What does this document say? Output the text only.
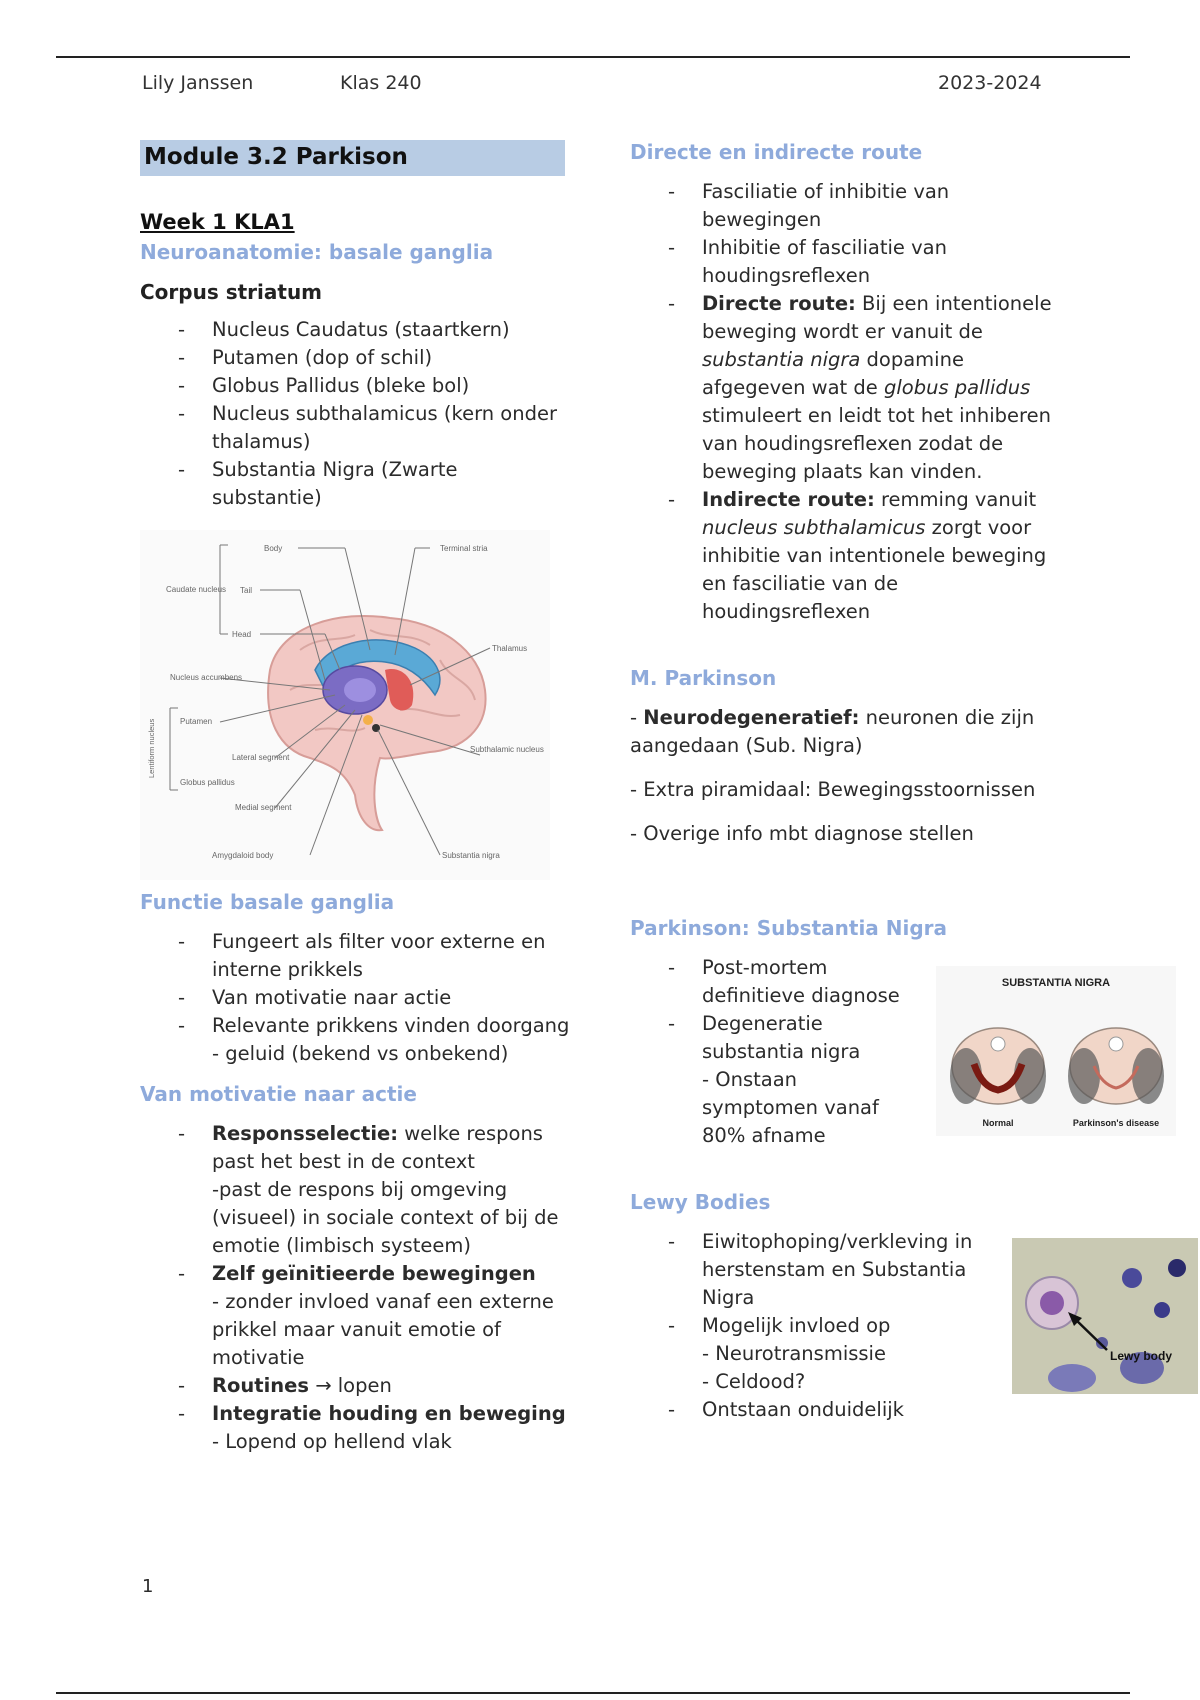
Lily Janssen	Klas 240	2023-2024
Module 3.2 Parkison
Week 1 KLA1
Neuroanatomie: basale ganglia
Corpus striatum
- Nucleus Caudatus (staartkern)
- Putamen (dop of schil)
- Globus Pallidus (bleke bol)
- Nucleus subthalamicus (kern onder thalamus)
- Substantia Nigra (Zwarte substantie)
Body
Tail
Head
Caudate nucleus
Nucleus accumbens
Putamen
Globus pallidus
Lateral segment
Medial segment
Amygdaloid body
Terminal stria
Thalamus
Subthalamic nucleus
Substantia nigra
Lentiform nucleus
Functie basale ganglia
- Fungeert als filter voor externe en interne prikkels
- Van motivatie naar actie
- Relevante prikkens vinden doorgang
- geluid (bekend vs onbekend)
Van motivatie naar actie
- Responsselectie: welke respons past het best in de context
-past de respons bij omgeving (visueel) in sociale context of bij de emotie (limbisch systeem)
- Zelf geïnitieerde bewegingen
- zonder invloed vanaf een externe prikkel maar vanuit emotie of motivatie
- Routines → lopen
- Integratie houding en beweging
- Lopend op hellend vlak
Directe en indirecte route
- Fasciliatie of inhibitie van bewegingen
- Inhibitie of fasciliatie van houdingsreflexen
- Directe route: Bij een intentionele beweging wordt er vanuit de substantia nigra dopamine afgegeven wat de globus pallidus stimuleert en leidt tot het inhiberen van houdingsreflexen zodat de beweging plaats kan vinden.
- Indirecte route: remming vanuit nucleus subthalamicus zorgt voor inhibitie van intentionele beweging en fasciliatie van de houdingsreflexen
M. Parkinson
- Neurodegeneratief: neuronen die zijn aangedaan (Sub. Nigra)
- Extra piramidaal: Bewegingsstoornissen
- Overige info mbt diagnose stellen
Parkinson: Substantia Nigra
- Post-mortem definitieve diagnose
- Degeneratie substantia nigra
- Onstaan symptomen vanaf 80% afname
SUBSTANTIA NIGRA
Normal	Parkinson's disease
Lewy Bodies
- Eiwitophoping/verkleving in herstenstam en Substantia Nigra
- Mogelijk invloed op
- Neurotransmissie
- Celdood?
- Ontstaan onduidelijk
Lewy body
1
